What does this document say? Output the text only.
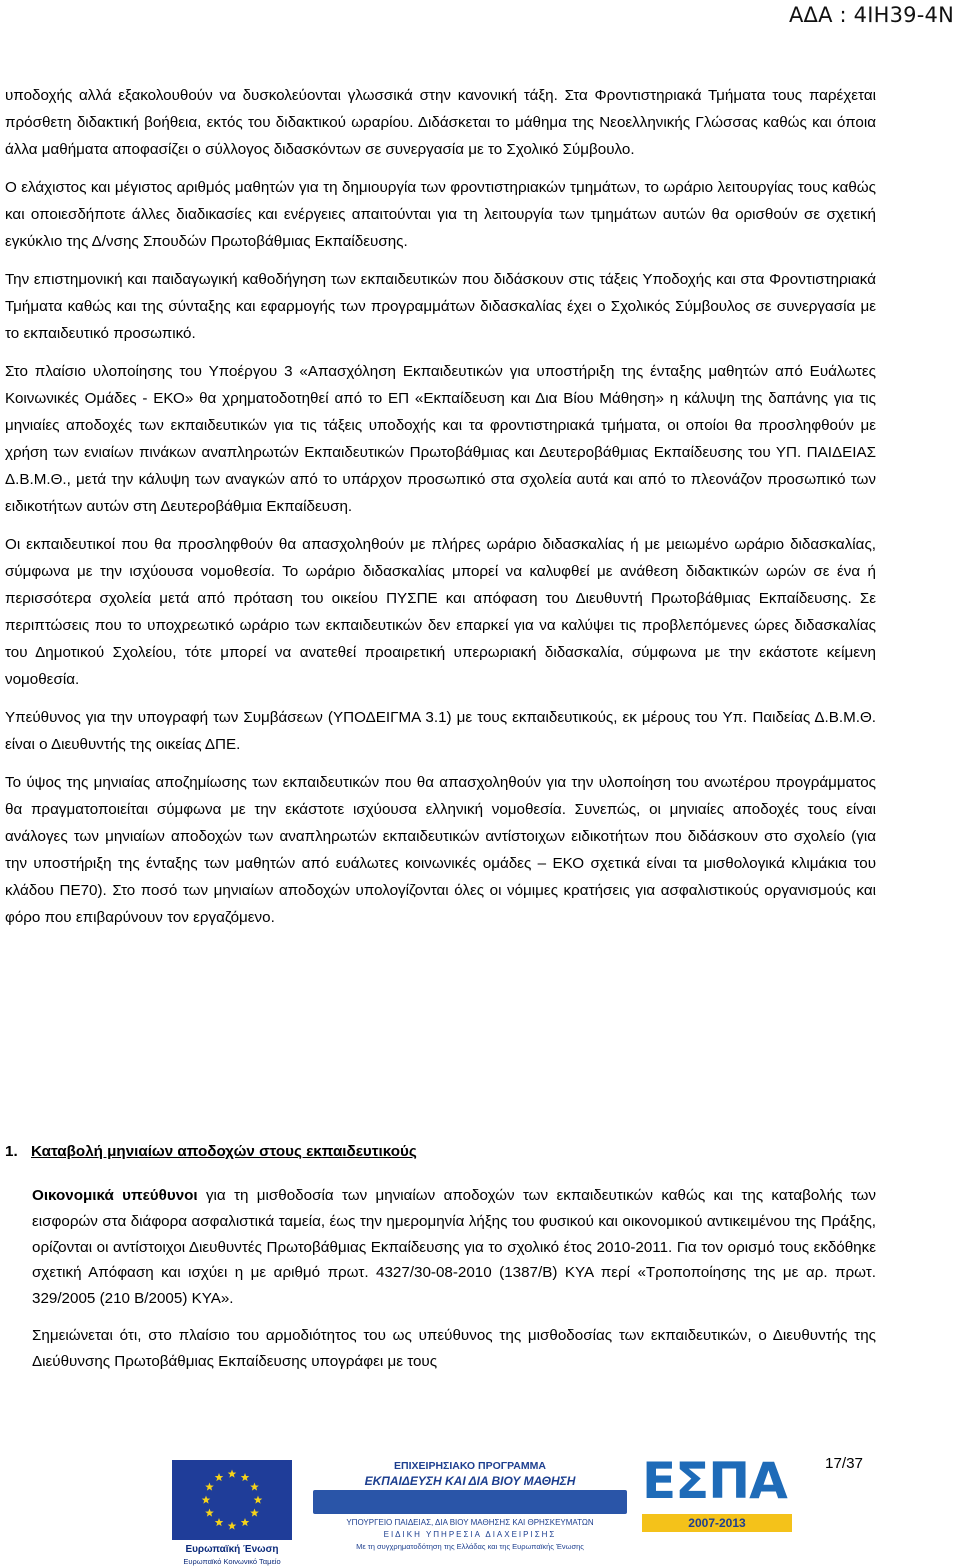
ΑΔΑ : 4ΙΗ39-4Ν

υποδοχής αλλά εξακολουθούν να δυσκολεύονται γλωσσικά στην κανονική τάξη. Στα Φροντιστηριακά Τμήματα τους παρέχεται πρόσθετη διδακτική βοήθεια, εκτός του διδακτικού ωραρίου. Διδάσκεται το μάθημα της Νεοελληνικής Γλώσσας καθώς και όποια άλλα μαθήματα αποφασίζει ο σύλλογος διδασκόντων σε συνεργασία με το Σχολικό Σύμβουλο.

Ο ελάχιστος και μέγιστος αριθμός μαθητών για τη δημιουργία των φροντιστηριακών τμημάτων, το ωράριο λειτουργίας τους καθώς και οποιεσδήποτε άλλες διαδικασίες και ενέργειες απαιτούνται για τη λειτουργία των τμημάτων αυτών θα ορισθούν σε σχετική εγκύκλιο της Δ/νσης Σπουδών Πρωτοβάθμιας Εκπαίδευσης.

Την επιστημονική και παιδαγωγική καθοδήγηση των εκπαιδευτικών που διδάσκουν στις τάξεις Υποδοχής και στα Φροντιστηριακά Τμήματα καθώς και της σύνταξης και εφαρμογής των προγραμμάτων διδασκαλίας έχει ο Σχολικός Σύμβουλος σε συνεργασία με το εκπαιδευτικό προσωπικό.

Στο πλαίσιο υλοποίησης του Υποέργου 3 «Απασχόληση Εκπαιδευτικών για υποστήριξη της ένταξης μαθητών από Ευάλωτες Κοινωνικές Ομάδες - ΕΚΟ» θα χρηματοδοτηθεί από το ΕΠ «Εκπαίδευση και Δια Βίου Μάθηση» η κάλυψη της δαπάνης για τις μηνιαίες αποδοχές των εκπαιδευτικών για τις τάξεις υποδοχής και τα φροντιστηριακά τμήματα, οι οποίοι θα προσληφθούν με χρήση των ενιαίων πινάκων αναπληρωτών Εκπαιδευτικών Πρωτοβάθμιας και Δευτεροβάθμιας Εκπαίδευσης του ΥΠ. ΠΑΙΔΕΙΑΣ Δ.Β.Μ.Θ., μετά την κάλυψη των αναγκών από το υπάρχον προσωπικό στα σχολεία αυτά και από το πλεονάζον προσωπικό των ειδικοτήτων αυτών στη Δευτεροβάθμια Εκπαίδευση.

Οι εκπαιδευτικοί που θα προσληφθούν θα απασχοληθούν με πλήρες ωράριο διδασκαλίας ή με μειωμένο ωράριο διδασκαλίας, σύμφωνα με την ισχύουσα νομοθεσία. Το ωράριο διδασκαλίας μπορεί να καλυφθεί με ανάθεση διδακτικών ωρών σε ένα ή περισσότερα σχολεία μετά από πρόταση του οικείου ΠΥΣΠΕ και απόφαση του Διευθυντή Πρωτοβάθμιας Εκπαίδευσης. Σε περιπτώσεις που το υποχρεωτικό ωράριο των εκπαιδευτικών δεν επαρκεί για να καλύψει τις προβλεπόμενες ώρες διδασκαλίας του Δημοτικού Σχολείου, τότε μπορεί να ανατεθεί προαιρετική υπερωριακή διδασκαλία, σύμφωνα με την εκάστοτε κείμενη νομοθεσία.

Υπεύθυνος για την υπογραφή των Συμβάσεων (ΥΠΟΔΕΙΓΜΑ 3.1) με τους εκπαιδευτικούς, εκ μέρους του Υπ. Παιδείας Δ.Β.Μ.Θ. είναι ο Διευθυντής της οικείας ΔΠΕ.

Το ύψος της μηνιαίας αποζημίωσης των εκπαιδευτικών που θα απασχοληθούν για την υλοποίηση του ανωτέρου προγράμματος θα πραγματοποιείται σύμφωνα με την εκάστοτε ισχύουσα ελληνική νομοθεσία. Συνεπώς, οι μηνιαίες αποδοχές τους είναι ανάλογες των μηνιαίων αποδοχών των αναπληρωτών εκπαιδευτικών αντίστοιχων ειδικοτήτων που διδάσκουν στο σχολείο (για την υποστήριξη της ένταξης των μαθητών από ευάλωτες κοινωνικές ομάδες – ΕΚΟ σχετικά είναι τα μισθολογικά κλιμάκια του κλάδου ΠΕ70). Στο ποσό των μηνιαίων αποδοχών υπολογίζονται όλες οι νόμιμες κρατήσεις για ασφαλιστικούς οργανισμούς και φόρο που επιβαρύνουν τον εργαζόμενο.

1. Καταβολή μηνιαίων αποδοχών στους εκπαιδευτικούς

Οικονομικά υπεύθυνοι για τη μισθοδοσία των μηνιαίων αποδοχών των εκπαιδευτικών καθώς και της καταβολής των εισφορών στα διάφορα ασφαλιστικά ταμεία, έως την ημερομηνία λήξης του φυσικού και οικονομικού αντικειμένου της Πράξης, ορίζονται οι αντίστοιχοι Διευθυντές Πρωτοβάθμιας Εκπαίδευσης για το σχολικό έτος 2010-2011. Για τον ορισμό τους εκδόθηκε σχετική Απόφαση και ισχύει η με αριθμό πρωτ. 4327/30-08-2010 (1387/Β) ΚΥΑ περί «Τροποποίησης της με αρ. πρωτ. 329/2005 (210 Β/2005) ΚΥΑ».

Σημειώνεται ότι, στο πλαίσιο του αρμοδιότητος του ως υπεύθυνος της μισθοδοσίας των εκπαιδευτικών, ο Διευθυντής της Διεύθυνσης Πρωτοβάθμιας Εκπαίδευσης υπογράφει με τους

Ευρωπαϊκή Ένωση
Ευρωπαϊκό Κοινωνικό Ταμείο
ΕΠΙΧΕΙΡΗΣΙΑΚΟ ΠΡΟΓΡΑΜΜΑ
ΕΚΠΑΙΔΕΥΣΗ ΚΑΙ ΔΙΑ ΒΙΟΥ ΜΑΘΗΣΗ
ΥΠΟΥΡΓΕΙΟ ΠΑΙΔΕΙΑΣ, ΔΙΑ ΒΙΟΥ ΜΑΘΗΣΗΣ ΚΑΙ ΘΡΗΣΚΕΥΜΑΤΩΝ
ΕΙΔΙΚΗ ΥΠΗΡΕΣΙΑ ΔΙΑΧΕΙΡΙΣΗΣ
Με τη συγχρηματοδότηση της Ελλάδας και της Ευρωπαϊκής Ένωσης
ΕΣΠΑ
2007-2013
17/37
